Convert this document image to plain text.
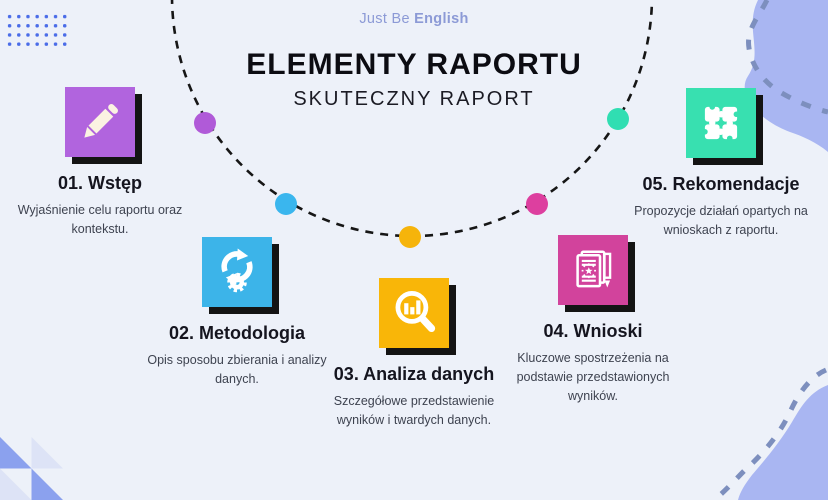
Just Be English
ELEMENTY RAPORTU
SKUTECZNY RAPORT
01. Wstęp
Wyjaśnienie celu raportu oraz kontekstu.
02. Metodologia
Opis sposobu zbierania i analizy danych.	03. Analiza danych
Szczegółowe przedstawienie wyników i twardych danych.
04. Wnioski
Kluczowe spostrzeżenia na podstawie przedstawionych wyników.
05. Rekomendacje
Propozycje działań opartych na wnioskach z raportu.
